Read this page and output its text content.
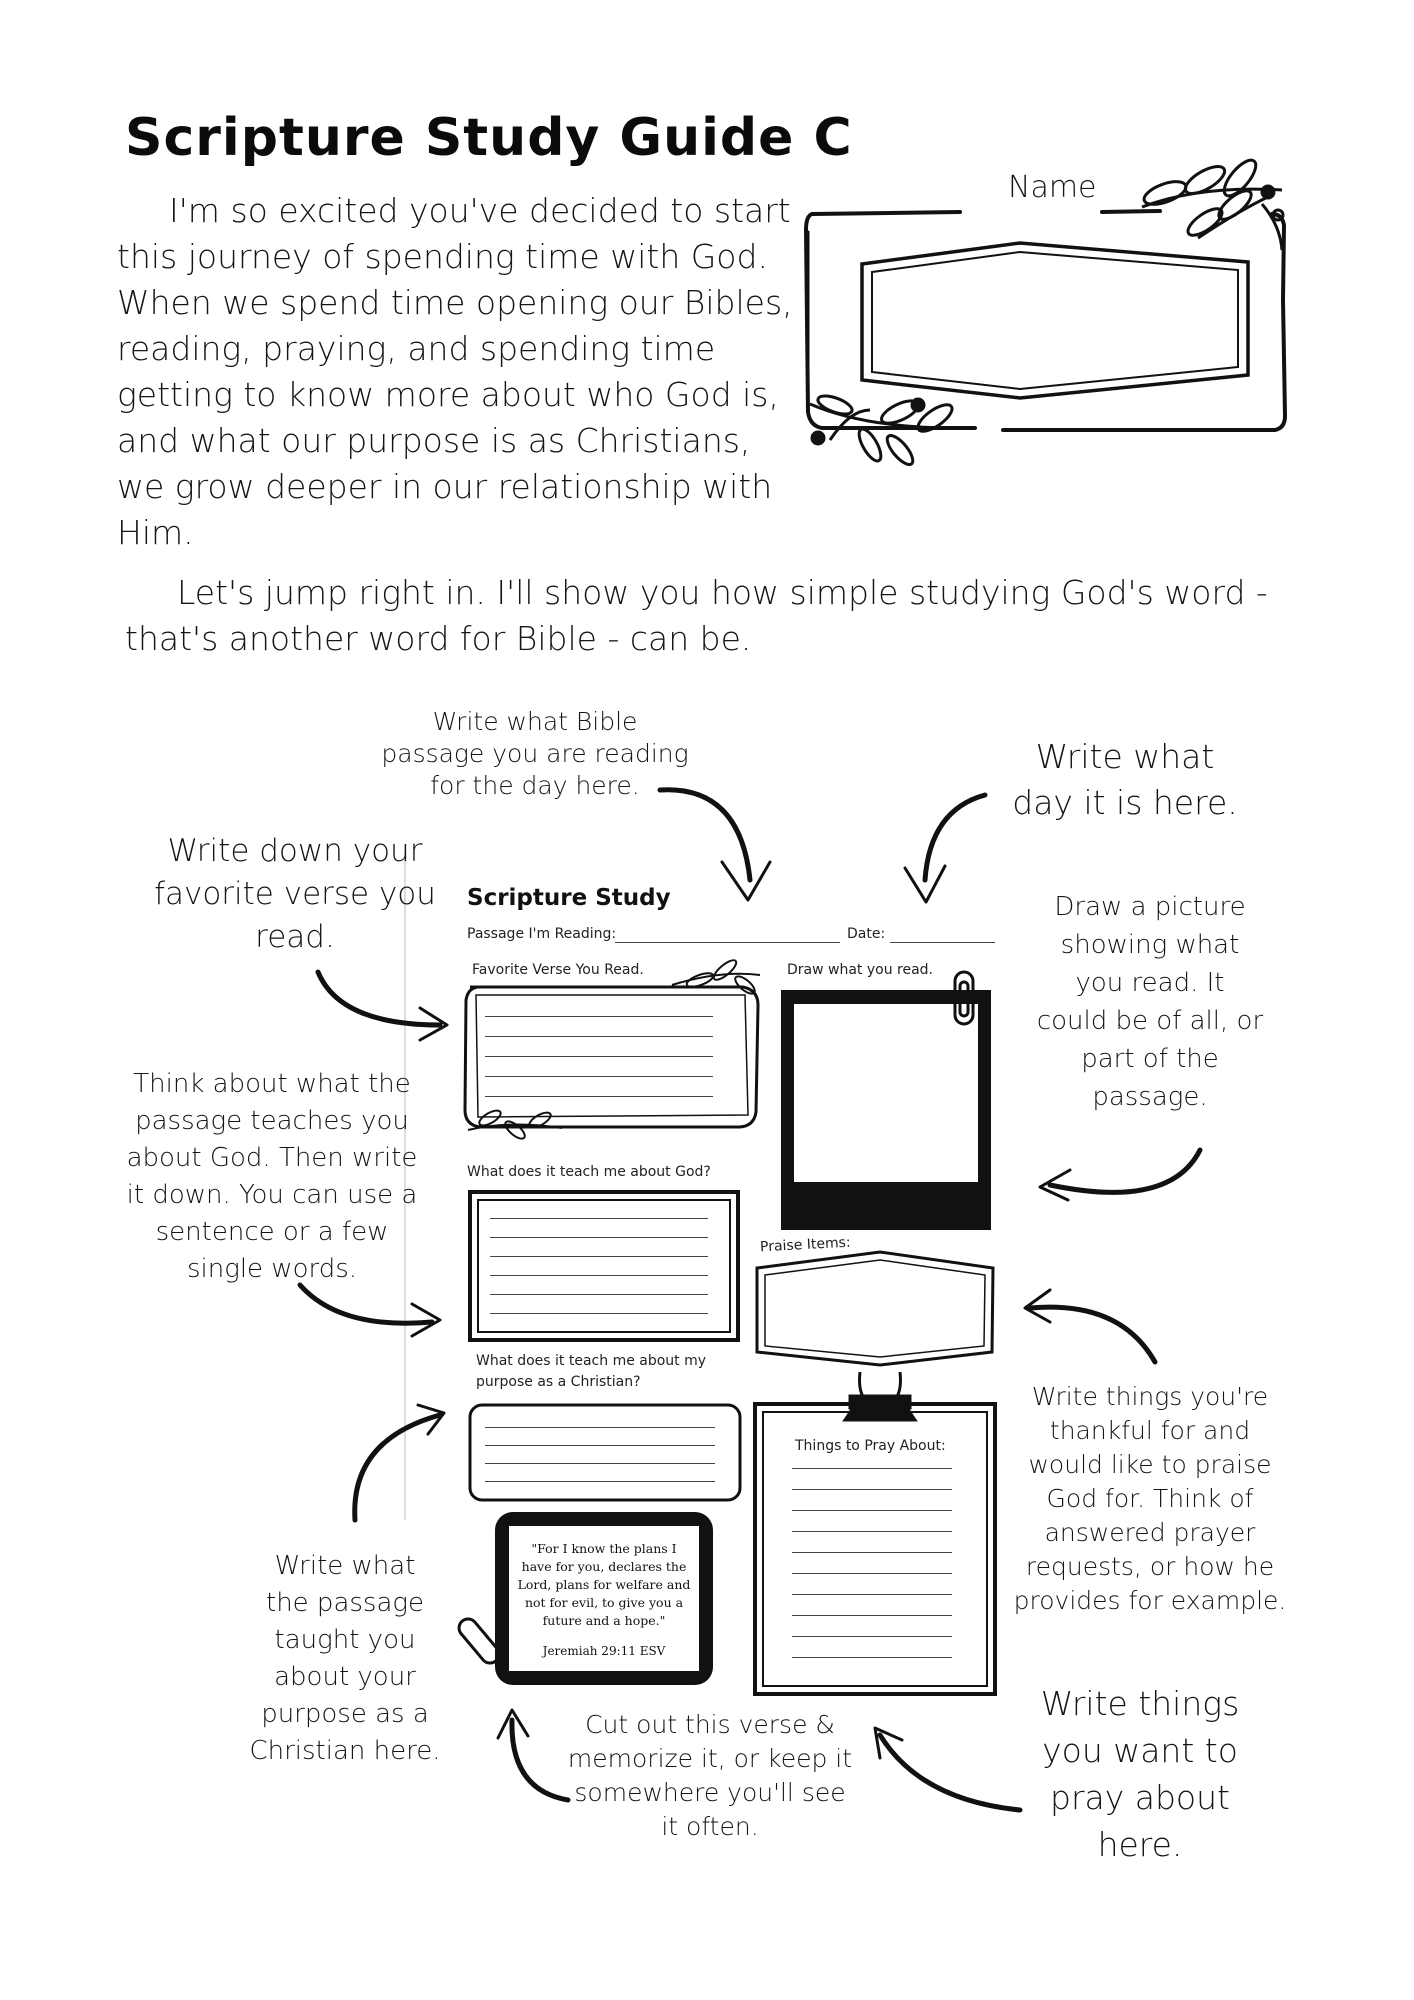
Scripture Study Guide C
Name

I'm so excited you've decided to start this journey of spending time with God. When we spend time opening our Bibles, reading, praying, and spending time getting to know more about who God is, and what our purpose is as Christians, we grow deeper in our relationship with Him.

Let's jump right in. I'll show you how simple studying God's word - that's another word for Bible - can be.
Scripture Study
Passage I'm Reading:	Date:
Favorite Verse You Read.	Draw what you read.
What does it teach me about God?
Praise Items:
What does it teach me about my
purpose as a Christian?
Things to Pray About:
"For I know the plans I have for you, declares the Lord, plans for welfare and not for evil, to give you a future and a hope."
Jeremiah 29:11 ESV
Write what Bible
passage you are reading
for the day here.
Write what
day it is here.
Write down your
favorite verse you
read.
Draw a picture
showing what
you read. It
could be of all, or
part of the
passage.
Think about what the
passage teaches you
about God. Then write
it down. You can use a
sentence or a few
single words.
Write things you're
thankful for and
would like to praise
God for. Think of
answered prayer
requests, or how he
provides for example.
Write what
the passage
taught you
about your
purpose as a
Christian here.
Cut out this verse &
memorize it, or keep it
somewhere you'll see
it often.
Write things
you want to
pray about
here.
